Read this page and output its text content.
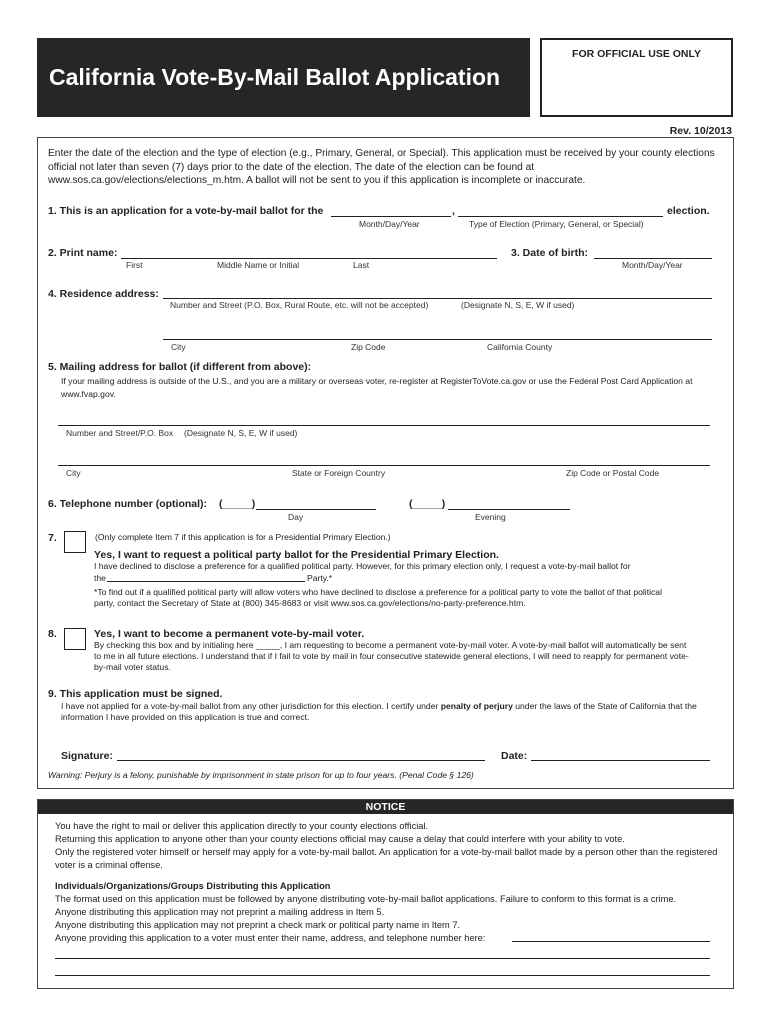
California Vote-By-Mail Ballot Application
FOR OFFICIAL USE ONLY
Rev. 10/2013
Enter the date of the election and the type of election (e.g., Primary, General, or Special). This application must be received by your county elections official not later than seven (7) days prior to the date of the election. The date of the election can be found at www.sos.ca.gov/elections/elections_m.htm. A ballot will not be sent to you if this application is incomplete or inaccurate.
1. This is an application for a vote-by-mail ballot for the	,	election.
Month/Day/Year	Type of Election (Primary, General, or Special)
2. Print name:
First	Middle Name or Initial	Last
3. Date of birth:
Month/Day/Year
4. Residence address:
Number and Street (P.O. Box, Rural Route, etc. will not be accepted)	(Designate N, S, E, W if used)
City	Zip Code	California County
5. Mailing address for ballot (if different from above):
If your mailing address is outside of the U.S., and you are a military or overseas voter, re-register at RegisterToVote.ca.gov or use the Federal Post Card Application at www.fvap.gov.
Number and Street/P.O. Box (Designate N, S, E, W if used)
City	State or Foreign Country	Zip Code or Postal Code
6. Telephone number (optional): (_____)
Day
(_____)
Evening
7.	(Only complete Item 7 if this application is for a Presidential Primary Election.)
Yes, I want to request a political party ballot for the Presidential Primary Election.
I have declined to disclose a preference for a qualified political party. However, for this primary election only, I request a vote-by-mail ballot for
the	Party.*
*To find out if a qualified political party will allow voters who have declined to disclose a preference for a political party to vote the ballot of that political party, contact the Secretary of State at (800) 345-8683 or visit www.sos.ca.gov/elections/no-party-preference.htm.
8.	Yes, I want to become a permanent vote-by-mail voter.
By checking this box and by initialing here _____, I am requesting to become a permanent vote-by-mail voter. A vote-by-mail ballot will automatically be sent to me in all future elections. I understand that if I fail to vote by mail in four consecutive statewide general elections, I will need to reapply for permanent vote-by-mail voter status.
9. This application must be signed.
I have not applied for a vote-by-mail ballot from any other jurisdiction for this election. I certify under penalty of perjury under the laws of the State of California that the information I have provided on this application is true and correct.
Signature:	Date:
Warning: Perjury is a felony, punishable by imprisonment in state prison for up to four years. (Penal Code § 126)
NOTICE
You have the right to mail or deliver this application directly to your county elections official.
Returning this application to anyone other than your county elections official may cause a delay that could interfere with your ability to vote.
Only the registered voter himself or herself may apply for a vote-by-mail ballot. An application for a vote-by-mail ballot made by a person other than the registered voter is a criminal offense.
Individuals/Organizations/Groups Distributing this Application
The format used on this application must be followed by anyone distributing vote-by-mail ballot applications. Failure to conform to this format is a crime.
Anyone distributing this application may not preprint a mailing address in Item 5.
Anyone distributing this application may not preprint a check mark or political party name in Item 7.
Anyone providing this application to a voter must enter their name, address, and telephone number here:
